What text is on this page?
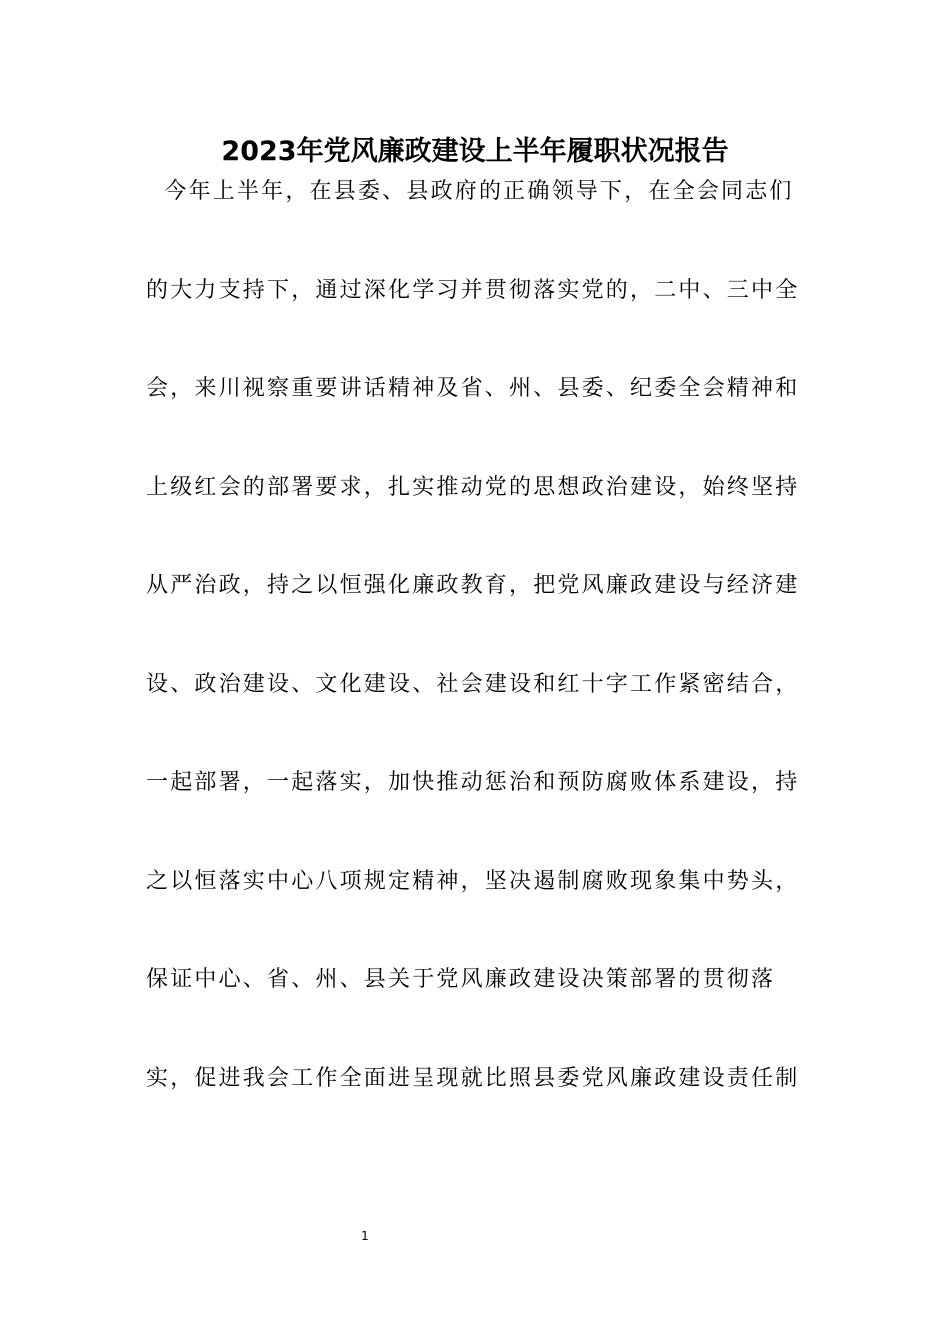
2023年党风廉政建设上半年履职状况报告
今年上半年，在县委、县政府的正确领导下，在全会同志们
的大力支持下，通过深化学习并贯彻落实党的，二中、三中全
会，来川视察重要讲话精神及省、州、县委、纪委全会精神和
上级红会的部署要求，扎实推动党的思想政治建设，始终坚持
从严治政，持之以恒强化廉政教育，把党风廉政建设与经济建
设、政治建设、文化建设、社会建设和红十字工作紧密结合，
一起部署，一起落实，加快推动惩治和预防腐败体系建设，持
之以恒落实中心八项规定精神，坚决遏制腐败现象集中势头，
保证中心、省、州、县关于党风廉政建设决策部署的贯彻落
实，促进我会工作全面进呈现就比照县委党风廉政建设责任制
1
